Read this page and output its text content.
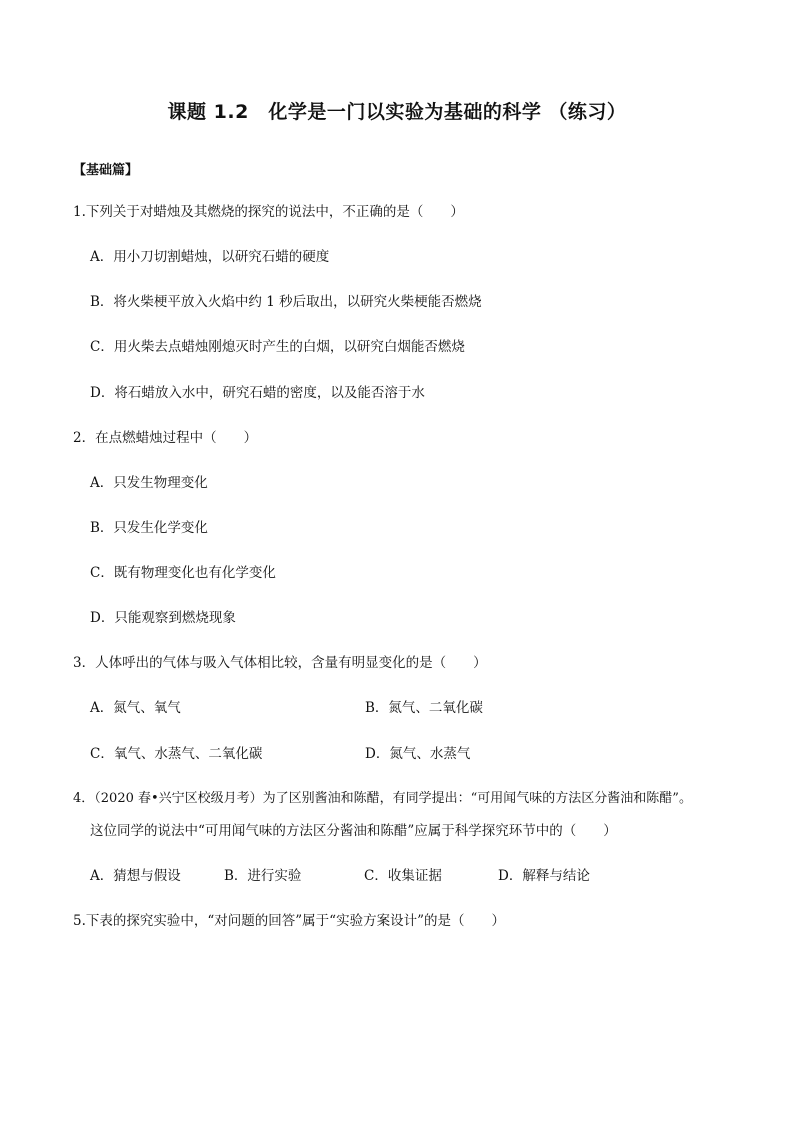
课题 1.2　化学是一门以实验为基础的科学 （练习）
【基础篇】
1.下列关于对蜡烛及其燃烧的探究的说法中，不正确的是（　　）
A．用小刀切割蜡烛，以研究石蜡的硬度
B．将火柴梗平放入火焰中约 1 秒后取出，以研究火柴梗能否燃烧
C．用火柴去点蜡烛刚熄灭时产生的白烟，以研究白烟能否燃烧
D．将石蜡放入水中，研究石蜡的密度，以及能否溶于水
2．在点燃蜡烛过程中（　　）
A．只发生物理变化
B．只发生化学变化
C．既有物理变化也有化学变化
D．只能观察到燃烧现象
3．人体呼出的气体与吸入气体相比较，含量有明显变化的是（　　）
A．氮气、氧气	B．氮气、二氧化碳
C．氧气、水蒸气、二氧化碳	D．氮气、水蒸气
4．（2020 春•兴宁区校级月考）为了区别酱油和陈醋，有同学提出：“可用闻气味的方法区分酱油和陈醋”。
这位同学的说法中“可用闻气味的方法区分酱油和陈醋”应属于科学探究环节中的（　　）
A．猜想与假设	B．进行实验	C．收集证据	D．解释与结论
5.下表的探究实验中，“对问题的回答”属于“实验方案设计”的是（　　）
